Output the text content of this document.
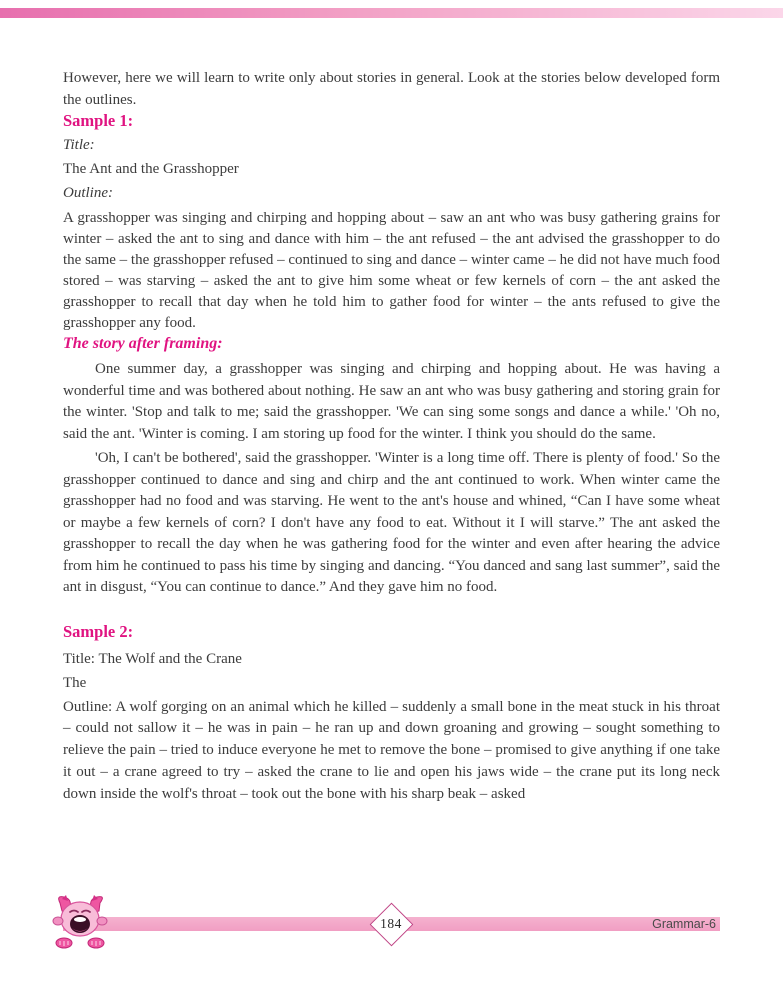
However, here we will learn to write only about stories in general. Look at the stories below developed form the outlines.

Sample 1:

Title:

The Ant and the Grasshopper

Outline:

A grasshopper was singing and chirping and hopping about – saw an ant who was busy gathering grains for winter – asked the ant to sing and dance with him – the ant refused – the ant advised the grasshopper to do the same – the grasshopper refused – continued to sing and dance – winter came – he did not have much food stored – was starving – asked the ant to give him some wheat or few kernels of corn – the ant asked the grasshopper to recall that day when he told him to gather food for winter – the ants refused to give the grasshopper any food.

The story after framing:

One summer day, a grasshopper was singing and chirping and hopping about. He was having a wonderful time and was bothered about nothing. He saw an ant who was busy gathering and storing grain for the winter. 'Stop and talk to me; said the grasshopper. 'We can sing some songs and dance a while.' 'Oh no, said the ant. 'Winter is coming. I am storing up food for the winter. I think you should do the same.

'Oh, I can't be bothered', said the grasshopper. 'Winter is a long time off. There is plenty of food.' So the grasshopper continued to dance and sing and chirp and the ant continued to work. When winter came the grasshopper had no food and was starving. He went to the ant's house and whined, “Can I have some wheat or maybe a few kernels of corn? I don't have any food to eat. Without it I will starve.” The ant asked the grasshopper to recall the day when he was gathering food for the winter and even after hearing the advice from him he continued to pass his time by singing and dancing. “You danced and sang last summer”, said the ant in disgust, “You can continue to dance.” And they gave him no food.

Sample 2:

Title: The Wolf and the Crane

The

Outline: A wolf gorging on an animal which he killed – suddenly a small bone in the meat stuck in his throat – could not sallow it – he was in pain – he ran up and down groaning and growing – sought something to relieve the pain – tried to induce everyone he met to remove the bone – promised to give anything if one take it out – a crane agreed to try – asked the crane to lie and open his jaws wide – the crane put its long neck down inside the wolf's throat – took out the bone with his sharp beak – asked

184	Grammar-6
